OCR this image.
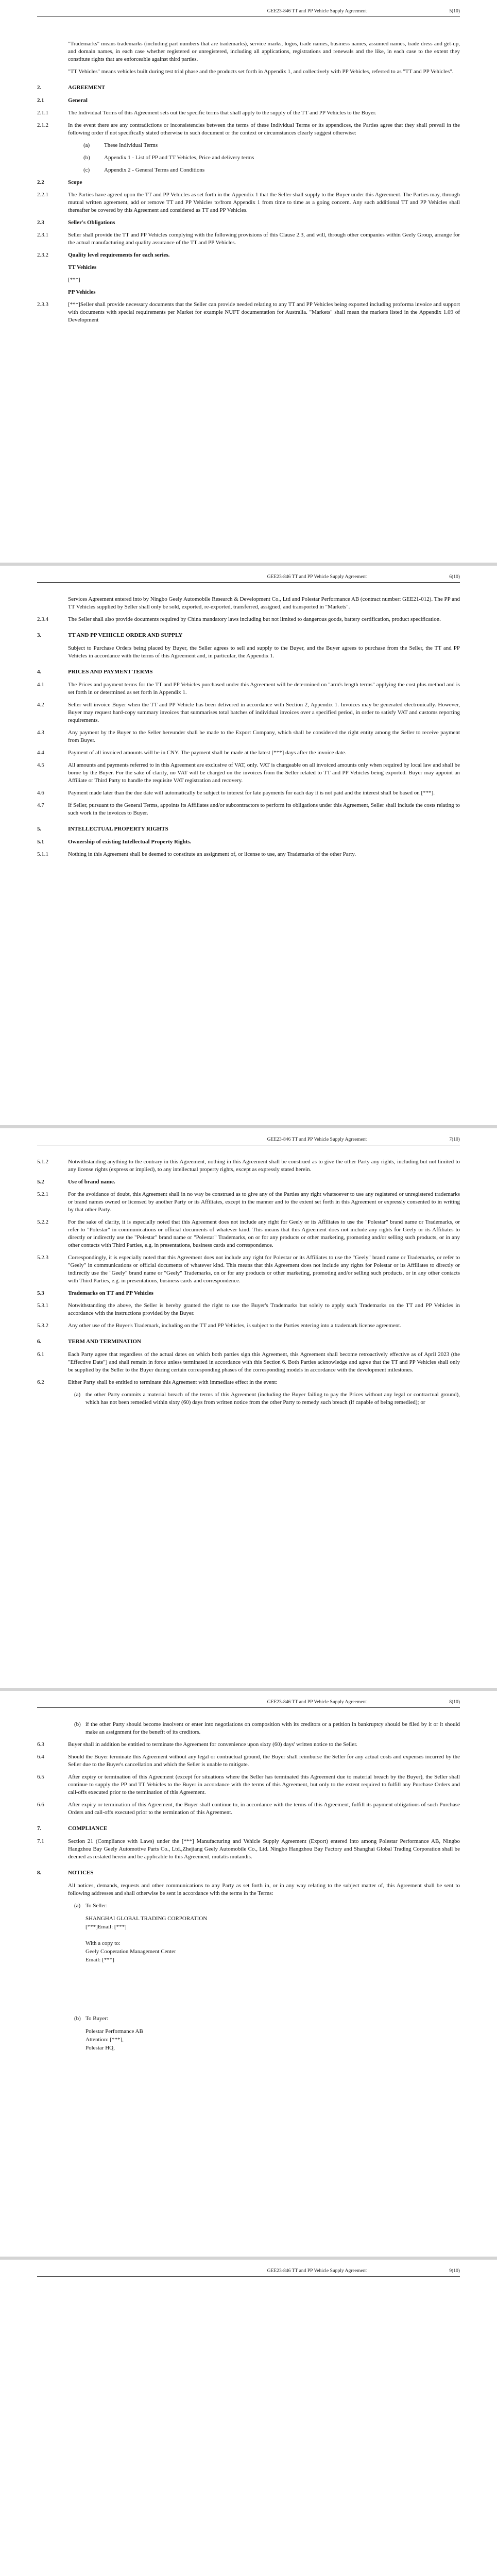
GEE23-846 TT and PP Vehicle Supply Agreement	5(10)

"Trademarks" means trademarks (including part numbers that are trademarks), service marks, logos, trade names, business names, assumed names, trade dress and get-up, and domain names, in each case whether registered or unregistered, including all applications, registrations and renewals and the like, in each case to the extent they constitute rights that are enforceable against third parties.

"TT Vehicles" means vehicles built during test trial phase and the products set forth in Appendix 1, and collectively with PP Vehicles, referred to as "TT and PP Vehicles".

2.	AGREEMENT
2.1	General
2.1.1	The Individual Terms of this Agreement sets out the specific terms that shall apply to the supply of the TT and PP Vehicles to the Buyer.
2.1.2	In the event there are any contradictions or inconsistencies between the terms of these Individual Terms or its appendices, the Parties agree that they shall prevail in the following order if not specifically stated otherwise in such document or the context or circumstances clearly suggest otherwise:
(a)	These Individual Terms
(b)	Appendix 1 - List of PP and TT Vehicles, Price and delivery terms
(c)	Appendix 2 - General Terms and Conditions
2.2	Scope
2.2.1	The Parties have agreed upon the TT and PP Vehicles as set forth in the Appendix 1 that the Seller shall supply to the Buyer under this Agreement. The Parties may, through mutual written agreement, add or remove TT and PP Vehicles to/from Appendix 1 from time to time as a going concern. Any such additional TT and PP Vehicles shall thereafter be covered by this Agreement and considered as TT and PP Vehicles.
2.3	Seller's Obligations
2.3.1	Seller shall provide the TT and PP Vehicles complying with the following provisions of this Clause 2.3, and will, through other companies within Geely Group, arrange for the actual manufacturing and quality assurance of the TT and PP Vehicles.
2.3.2	Quality level requirements for each series.

TT Vehicles

[***]

PP Vehicles

2.3.3	[***]Seller shall provide necessary documents that the Seller can provide needed relating to any TT and PP Vehicles being exported including proforma invoice and support with documents with special requirements per Market for example NUFT documentation for Australia. "Markets" shall mean the markets listed in the Appendix 1.09 of Development
GEE23-846 TT and PP Vehicle Supply Agreement	6(10)

Services Agreement entered into by Ningbo Geely Automobile Research & Development Co., Ltd and Polestar Performance AB (contract number: GEE21-012). The PP and TT Vehicles supplied by Seller shall only be sold, exported, re-exported, transferred, assigned, and transported in "Markets".

2.3.4	The Seller shall also provide documents required by China mandatory laws including but not limited to dangerous goods, battery certification, product specification.
3.	TT AND PP VEHICLE ORDER AND SUPPLY

Subject to Purchase Orders being placed by Buyer, the Seller agrees to sell and supply to the Buyer, and the Buyer agrees to purchase from the Seller, the TT and PP Vehicles in accordance with the terms of this Agreement and, in particular, the Appendix 1.

4.	PRICES AND PAYMENT TERMS
4.1	The Prices and payment terms for the TT and PP Vehicles purchased under this Agreement will be determined on "arm's length terms" applying the cost plus method and is set forth in or determined as set forth in Appendix 1.
4.2	Seller will invoice Buyer when the TT and PP Vehicle has been delivered in accordance with Section 2, Appendix 1. Invoices may be generated electronically. However, Buyer may request hard-copy summary invoices that summarises total batches of individual invoices over a specified period, in order to satisfy VAT and customs reporting requirements.
4.3	Any payment by the Buyer to the Seller hereunder shall be made to the Export Company, which shall be considered the right entity among the Seller to receive payment from Buyer.
4.4	Payment of all invoiced amounts will be in CNY. The payment shall be made at the latest [***] days after the invoice date.
4.5	All amounts and payments referred to in this Agreement are exclusive of VAT, only. VAT is chargeable on all invoiced amounts only when required by local law and shall be borne by the Buyer. For the sake of clarity, no VAT will be charged on the invoices from the Seller related to TT and PP Vehicles being exported. Buyer may appoint an Affiliate or Third Party to handle the requisite VAT registration and recovery.
4.6	Payment made later than the due date will automatically be subject to interest for late payments for each day it is not paid and the interest shall be based on [***].
4.7	If Seller, pursuant to the General Terms, appoints its Affiliates and/or subcontractors to perform its obligations under this Agreement, Seller shall include the costs relating to such work in the invoices to Buyer.
5.	INTELLECTUAL PROPERTY RIGHTS
5.1	Ownership of existing Intellectual Property Rights.
5.1.1	Nothing in this Agreement shall be deemed to constitute an assignment of, or license to use, any Trademarks of the other Party.
GEE23-846 TT and PP Vehicle Supply Agreement	7(10)
5.1.2	Notwithstanding anything to the contrary in this Agreement, nothing in this Agreement shall be construed as to give the other Party any rights, including but not limited to any license rights (express or implied), to any intellectual property rights, except as expressly stated herein.
5.2	Use of brand name.
5.2.1	For the avoidance of doubt, this Agreement shall in no way be construed as to give any of the Parties any right whatsoever to use any registered or unregistered trademarks or brand names owned or licensed by another Party or its Affiliates, except in the manner and to the extent set forth in this Agreement or expressly consented to in writing by that other Party.
5.2.2	For the sake of clarity, it is especially noted that this Agreement does not include any right for Geely or its Affiliates to use the "Polestar" brand name or Trademarks, or refer to "Polestar" in communications or official documents of whatever kind. This means that this Agreement does not include any rights for Geely or its Affiliates to directly or indirectly use the "Polestar" brand name or "Polestar" Trademarks, on or for any products or other marketing, promoting and/or selling such products, or in any other contacts with Third Parties, e.g. in presentations, business cards and correspondence.
5.2.3	Correspondingly, it is especially noted that this Agreement does not include any right for Polestar or its Affiliates to use the "Geely" brand name or Trademarks, or refer to "Geely" in communications or official documents of whatever kind. This means that this Agreement does not include any rights for Polestar or its Affiliates to directly or indirectly use the "Geely" brand name or "Geely" Trademarks, on or for any products or other marketing, promoting and/or selling such products, or in any other contacts with Third Parties, e.g. in presentations, business cards and correspondence.
5.3	Trademarks on TT and PP Vehicles
5.3.1	Notwithstanding the above, the Seller is hereby granted the right to use the Buyer's Trademarks but solely to apply such Trademarks on the TT and PP Vehicles in accordance with the instructions provided by the Buyer.
5.3.2	Any other use of the Buyer's Trademark, including on the TT and PP Vehicles, is subject to the Parties entering into a trademark license agreement.
6.	TERM AND TERMINATION
6.1	Each Party agree that regardless of the actual dates on which both parties sign this Agreement, this Agreement shall become retroactively effective as of April 2023 (the "Effective Date") and shall remain in force unless terminated in accordance with this Section 6. Both Parties acknowledge and agree that the TT and PP Vehicles shall only be supplied by the Seller to the Buyer during certain corresponding phases of the corresponding models in accordance with the development milestones.
6.2	Either Party shall be entitled to terminate this Agreement with immediate effect in the event:
(a) the other Party commits a material breach of the terms of this Agreement (including the Buyer failing to pay the Prices without any legal or contractual ground), which has not been remedied within sixty (60) days from written notice from the other Party to remedy such breach (if capable of being remedied); or
GEE23-846 TT and PP Vehicle Supply Agreement	8(10)
(b) if the other Party should become insolvent or enter into negotiations on composition with its creditors or a petition in bankruptcy should be filed by it or it should make an assignment for the benefit of its creditors.
6.3	Buyer shall in addition be entitled to terminate the Agreement for convenience upon sixty (60) days' written notice to the Seller.
6.4	Should the Buyer terminate this Agreement without any legal or contractual ground, the Buyer shall reimburse the Seller for any actual costs and expenses incurred by the Seller due to the Buyer's cancellation and which the Seller is unable to mitigate.
6.5	After expiry or termination of this Agreement (except for situations where the Seller has terminated this Agreement due to material breach by the Buyer), the Seller shall continue to supply the PP and TT Vehicles to the Buyer in accordance with the terms of this Agreement, but only to the extent required to fulfill any Purchase Orders and call-offs executed prior to the termination of this Agreement.
6.6	After expiry or termination of this Agreement, the Buyer shall continue to, in accordance with the terms of this Agreement, fulfill its payment obligations of such Purchase Orders and call-offs executed prior to the termination of this Agreement.
7.	COMPLIANCE
7.1	Section 21 (Compliance with Laws) under the [***] Manufacturing and Vehicle Supply Agreement (Export) entered into among Polestar Performance AB, Ningbo Hangzhou Bay Geely Automotive Parts Co., Ltd.,Zhejiang Geely Automobile Co., Ltd. Ningbo Hangzhou Bay Factory and Shanghai Global Trading Corporation shall be deemed as restated herein and be applicable to this Agreement, mutatis mutandis.
8.	NOTICES

All notices, demands, requests and other communications to any Party as set forth in, or in any way relating to the subject matter of, this Agreement shall be sent to following addresses and shall otherwise be sent in accordance with the terms in the Terms:

(a) To Seller:
SHANGHAI GLOBAL TRADING CORPORATION
[***]Email: [***]
With a copy to:
Geely Cooperation Management Center
Email: [***]
(b) To Buyer:
Polestar Performance AB
Attention: [***],
Polestar HQ,
GEE23-846 TT and PP Vehicle Supply Agreement	9(10)
